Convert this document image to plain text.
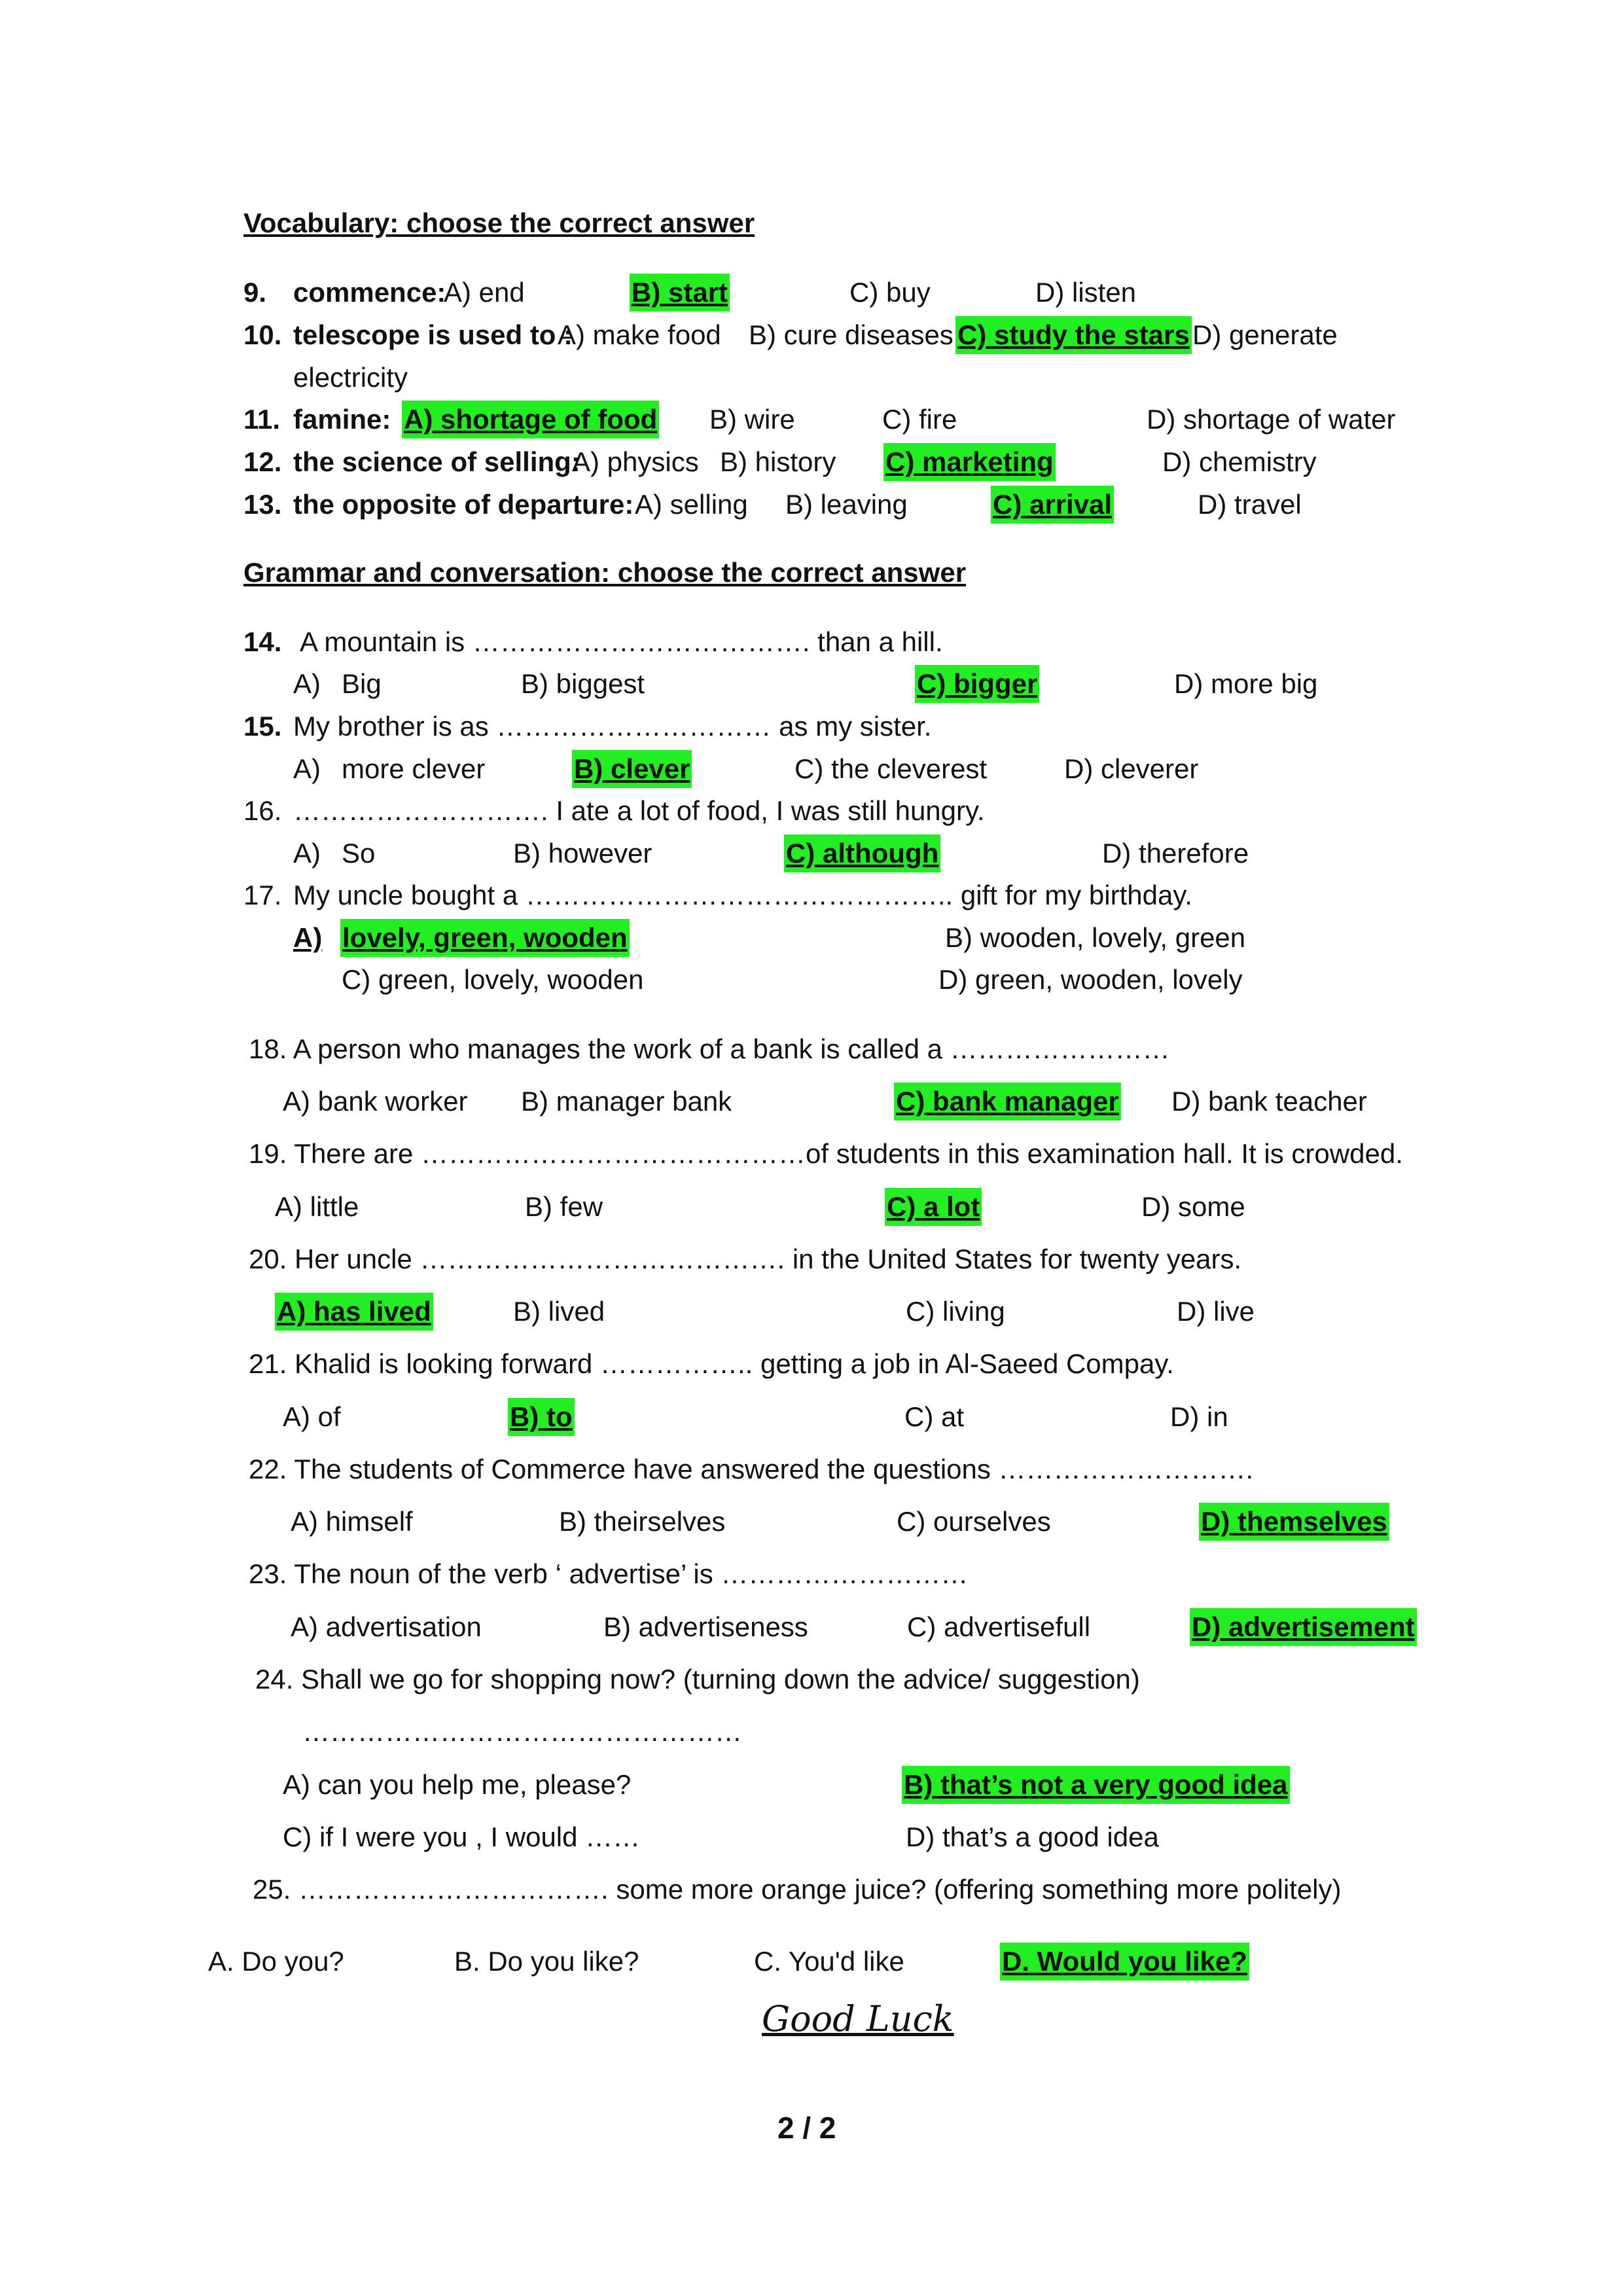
Vocabulary: choose the correct answer
9. commence:
A) end	B) start	C) buy	D) listen
10. telescope is used to :
A) make food B) cure diseases C) study the stars D) generate
electricity
11. famine: A) shortage of food B) wire	C) fire	D) shortage of water
12. the science of selling:
A) physics B) history C) marketing	D) chemistry
13. the opposite of departure: A) selling B) leaving	C) arrival	D) travel
Grammar and conversation: choose the correct answer
14. A mountain is ………………………………. than a hill.
A) Big	B) biggest	C) bigger	D) more big
15. My brother is as ………………………… as my sister.
A) more clever	B) clever	C) the cleverest	D) cleverer
16. ………………………. I ate a lot of food, I was still hungry.
A) So	B) however	C) although	D) therefore
17. My uncle bought a ……………………………………….. gift for my birthday.
A) lovely, green, wooden	B) wooden, lovely, green
C) green, lovely, wooden	D) green, wooden, lovely
18. A person who manages the work of a bank is called a ……………………
A) bank worker B) manager bank	C) bank manager D) bank teacher
19. There are ……………………………………of students in this examination hall. It is crowded.
A) little	B) few	C) a lot	D) some
20. Her uncle …………………………………. in the United States for twenty years.
A) has lived	B) lived	C) living	D) live
21. Khalid is looking forward …………….. getting a job in Al-Saeed Compay.
A) of	B) to	C) at	D) in
22. The students of Commerce have answered the questions ……………………….
A) himself	B) theirselves	C) ourselves	D) themselves
23. The noun of the verb ‘ advertise’ is ………………………
A) advertisation	B) advertiseness	C) advertisefull	D) advertisement
24. Shall we go for shopping now? (turning down the advice/ suggestion)
…………………………………………
A) can you help me, please?	B) that’s not a very good idea
C) if I were you , I would ……	D) that’s a good idea
25. ……………………………. some more orange juice? (offering something more politely)
A. Do you?	B. Do you like?	C. You'd like	D. Would you like?
Good Luck
2 / 2
